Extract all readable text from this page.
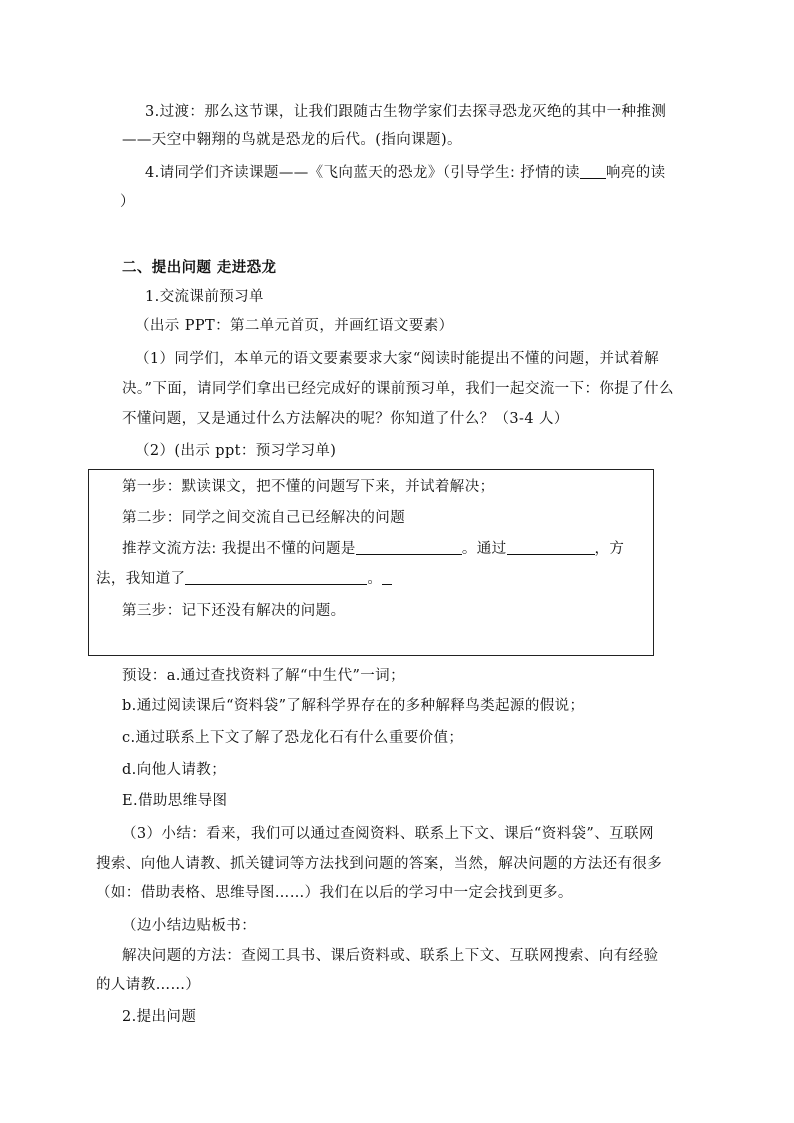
3.过渡：那么这节课，让我们跟随古生物学家们去探寻恐龙灭绝的其中一种推测
——天空中翱翔的鸟就是恐龙的后代。(指向课题)。
4.请同学们齐读课题——《飞向蓝天的恐龙》（引导学生: 抒情的读 响亮的读
）
二、提出问题 走进恐龙
1.交流课前预习单
（出示 PPT：第二单元首页，并画红语文要素）
（1）同学们，本单元的语文要素要求大家“阅读时能提出不懂的问题，并试着解
决。”下面，请同学们拿出已经完成好的课前预习单，我们一起交流一下：你提了什么
不懂问题，又是通过什么方法解决的呢？你知道了什么？（3-4 人）
（2）(出示 ppt：预习学习单)
第一步：默读课文，把不懂的问题写下来，并试着解决；
第二步：同学之间交流自己已经解决的问题
推荐文流方法: 我提出不懂的问题是	。通过	，方
法，我知道了	。
第三步：记下还没有解决的问题。
预设：a.通过查找资料了解“中生代”一词；
b.通过阅读课后“资料袋”了解科学界存在的多种解释鸟类起源的假说；
c.通过联系上下文了解了恐龙化石有什么重要价值；
d.向他人请教；
E.借助思维导图
（3）小结：看来，我们可以通过查阅资料、联系上下文、课后“资料袋”、互联网
搜索、向他人请教、抓关键词等方法找到问题的答案，当然，解决问题的方法还有很多
（如：借助表格、思维导图……）我们在以后的学习中一定会找到更多。
（边小结边贴板书：
解决问题的方法：查阅工具书、课后资料或、联系上下文、互联网搜索、向有经验
的人请教……）
2.提出问题
